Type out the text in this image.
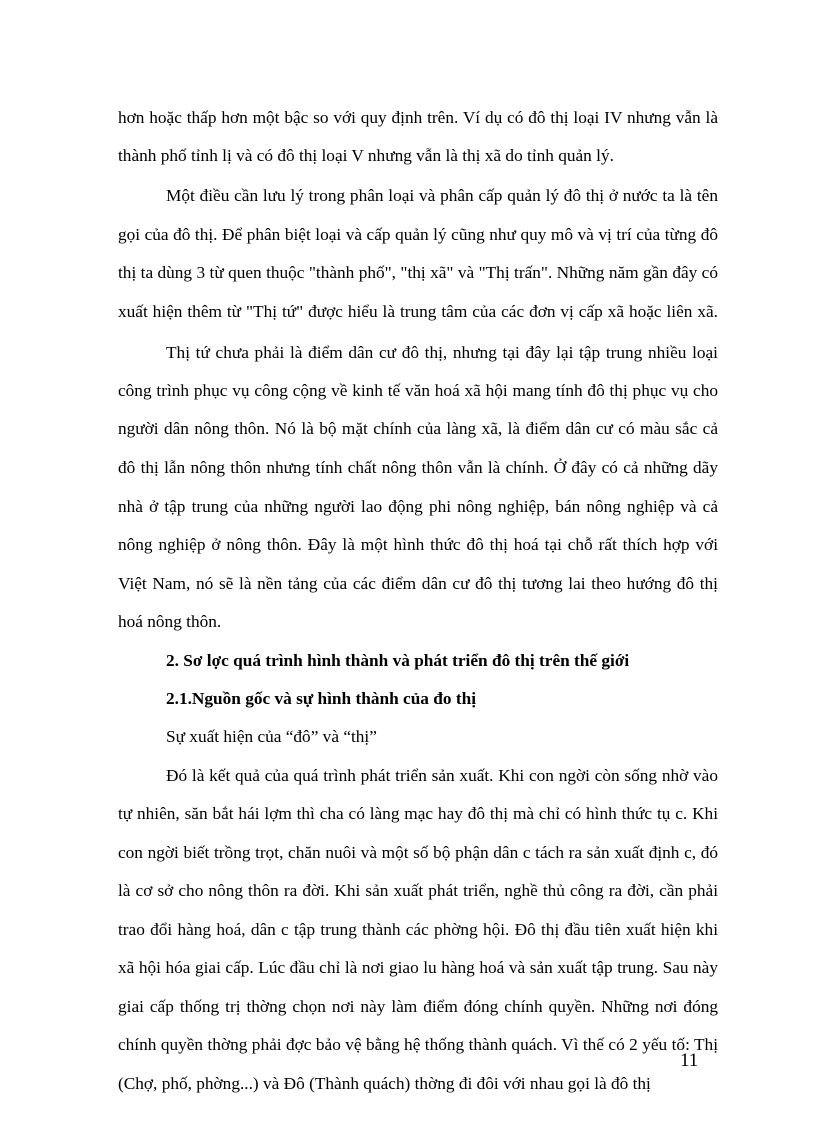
hơn hoặc thấp hơn một bậc so với quy định trên. Ví dụ có đô thị loại IV nhưng vẫn là
thành phố tỉnh lị và có đô thị loại V nhưng vẫn là thị xã do tỉnh quản lý.
Một điều cần lưu lý trong phân loại và phân cấp quản lý đô thị ở nước ta là tên
gọi của đô thị. Để phân biệt loại và cấp quản lý cũng như quy mô và vị trí của từng đô
thị ta dùng 3 từ quen thuộc "thành phố", "thị xã" và "Thị trấn". Những năm gần đây có
xuất hiện thêm từ "Thị tứ" được hiểu là trung tâm của các đơn vị cấp xã hoặc liên xã.
Thị tứ chưa phải là điểm dân cư đô thị, nhưng tại đây lại tập trung nhiều loại
công trình phục vụ công cộng về kinh tế văn hoá xã hội mang tính đô thị phục vụ cho
người dân nông thôn. Nó là bộ mặt chính của làng xã, là điểm dân cư có màu sắc cả
đô thị lẫn nông thôn nhưng tính chất nông thôn vẫn là chính. Ở đây có cả những dãy
nhà ở tập trung của những người lao động phi nông nghiệp, bán nông nghiệp và cả
nông nghiệp ở nông thôn. Đây là một hình thức đô thị hoá tại chỗ rất thích hợp với
Việt Nam, nó sẽ là nền tảng của các điểm dân cư đô thị tương lai theo hướng đô thị
hoá nông thôn.
2. Sơ lợc quá trình hình thành và phát triển đô thị trên thế giới
2.1.Nguồn gốc và sự hình thành của đo thị
Sự xuất hiện của “đô” và “thị”
Đó là kết quả của quá trình phát triển sản xuất. Khi con ngời còn sống nhờ vào
tự nhiên, săn bắt hái lợm thì cha có làng mạc hay đô thị mà chỉ có hình thức tụ c. Khi
con ngời biết trồng trọt, chăn nuôi và một số bộ phận dân c tách ra sản xuất định c, đó
là cơ sở cho nông thôn ra đời. Khi sản xuất phát triển, nghề thủ công ra đời, cần phải
trao đổi hàng hoá, dân c tập trung thành các phờng hội. Đô thị đầu tiên xuất hiện khi
xã hội hóa giai cấp. Lúc đầu chỉ là nơi giao lu hàng hoá và sản xuất tập trung. Sau này
giai cấp thống trị thờng chọn nơi này làm điểm đóng chính quyền. Những nơi đóng
chính quyền thờng phải đợc bảo vệ bằng hệ thống thành quách. Vì thế có 2 yếu tố: Thị
(Chợ, phố, phờng...) và Đô (Thành quách) thờng đi đôi với nhau gọi là đô thị
11
